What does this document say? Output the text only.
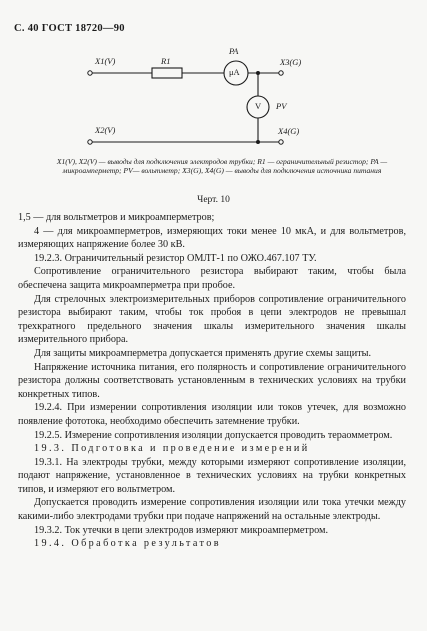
С. 40 ГОСТ 18720—90
X1(V)	R1
PA
μA
X3(G)
V PV
X2(V)	X4(G)
X1(V), X2(V) — выводы для подключения электродов трубки; R1 — ограничительный резистор; PA — микроамперметр; PV— вольтметр; X3(G), X4(G) — выводы для подключения источника питания
Черт. 10

1,5 — для вольтметров и микроамперметров;

4 — для микроамперметров, измеряющих токи менее 10 мкА, и для вольтметров, измеряющих напряжение более 30 кВ.

19.2.3. Ограничительный резистор ОМЛТ-1 по ОЖО.467.107 ТУ.

Сопротивление ограничительного резистора выбирают таким, чтобы была обеспечена защита микроамперметра при пробое.

Для стрелочных электроизмерительных приборов сопротивление ограничительного резистора выбирают таким, чтобы ток пробоя в цепи электродов не превышал трехкратного предельного значения шкалы измерительного значения шкалы измерительного прибора.

Для защиты микроамперметра допускается применять другие схемы защиты.

Напряжение источника питания, его полярность и сопротивление ограничительного резистора должны соответствовать установленным в технических условиях на трубки конкретных типов.

19.2.4. При измерении сопротивления изоляции или токов утечек, для возможно появление фототока, необходимо обеспечить затемнение трубки.

19.2.5. Измерение сопротивления изоляции допускается проводить тераомметром.

19.3. Подготовка и проведение измерений

19.3.1. На электроды трубки, между которыми измеряют сопротивление изоляции, подают напряжение, установленное в технических условиях на трубки конкретных типов, и измеряют его вольтметром.

Допускается проводить измерение сопротивления изоляции или тока утечки между какими-либо электродами трубки при подаче напряжений на остальные электроды.

19.3.2. Ток утечки в цепи электродов измеряют микроамперметром.

19.4. Обработка результатов
